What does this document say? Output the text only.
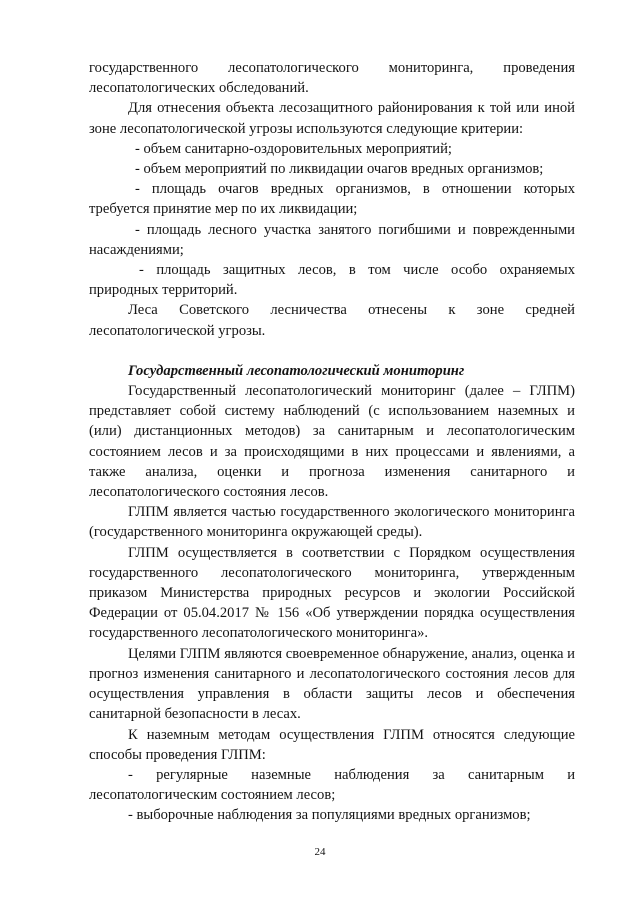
государственного лесопатологического мониторинга, проведения лесопатологических обследований.

Для отнесения объекта лесозащитного районирования к той или иной зоне лесопатологической угрозы используются следующие критерии:

- объем санитарно-оздоровительных мероприятий;

- объем мероприятий по ликвидации очагов вредных организмов;

- площадь очагов вредных организмов, в отношении которых требуется принятие мер по их ликвидации;

- площадь лесного участка занятого погибшими и поврежденными насаждениями;

- площадь защитных лесов, в том числе особо охраняемых природных территорий.

Леса Советского лесничества отнесены к зоне средней лесопатологической угрозы.

Государственный лесопатологический мониторинг

Государственный лесопатологический мониторинг (далее – ГЛПМ) представляет собой систему наблюдений (с использованием наземных и (или) дистанционных методов) за санитарным и лесопатологическим состоянием лесов и за происходящими в них процессами и явлениями, а также анализа, оценки и прогноза изменения санитарного и лесопатологического состояния лесов.

ГЛПМ является частью государственного экологического мониторинга (государственного мониторинга окружающей среды).

ГЛПМ осуществляется в соответствии с Порядком осуществления государственного лесопатологического мониторинга, утвержденным приказом Министерства природных ресурсов и экологии Российской Федерации от 05.04.2017 № 156 «Об утверждении порядка осуществления государственного лесопатологического мониторинга».

Целями ГЛПМ являются своевременное обнаружение, анализ, оценка и прогноз изменения санитарного и лесопатологического состояния лесов для осуществления управления в области защиты лесов и обеспечения санитарной безопасности в лесах.

К наземным методам осуществления ГЛПМ относятся следующие способы проведения ГЛПМ:

- регулярные наземные наблюдения за санитарным и лесопатологическим состоянием лесов;

- выборочные наблюдения за популяциями вредных организмов;

24
